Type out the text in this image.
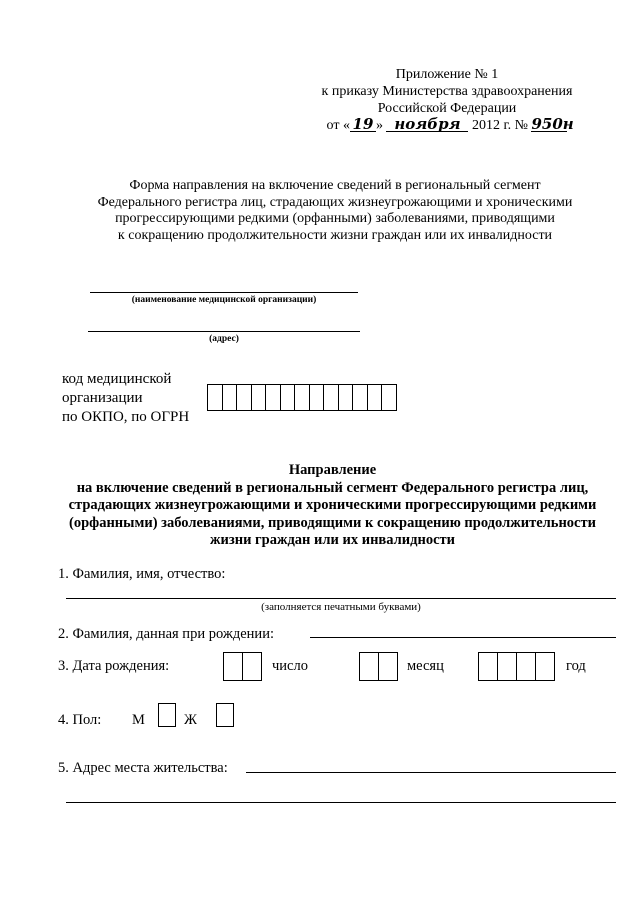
Приложение № 1
к приказу Министерства здравоохранения
Российской Федерации
от « 19 » ноября 2012 г. № 950н
Форма направления на включение сведений в региональный сегмент
Федерального регистра лиц, страдающих жизнеугрожающими и хроническими
прогрессирующими редкими (орфанными) заболеваниями, приводящими
к сокращению продолжительности жизни граждан или их инвалидности
(наименование медицинской организации)
(адрес)
код медицинской
организации
по ОКПО, по ОГРН
Направление
на включение сведений в региональный сегмент Федерального регистра лиц,
страдающих жизнеугрожающими и хроническими прогрессирующими редкими
(орфанными) заболеваниями, приводящими к сокращению продолжительности
жизни граждан или их инвалидности
1. Фамилия, имя, отчество:
(заполняется печатными буквами)
2. Фамилия, данная при рождении:
3. Дата рождения:	число	месяц	год
4. Пол: М	Ж
5. Адрес места жительства:
